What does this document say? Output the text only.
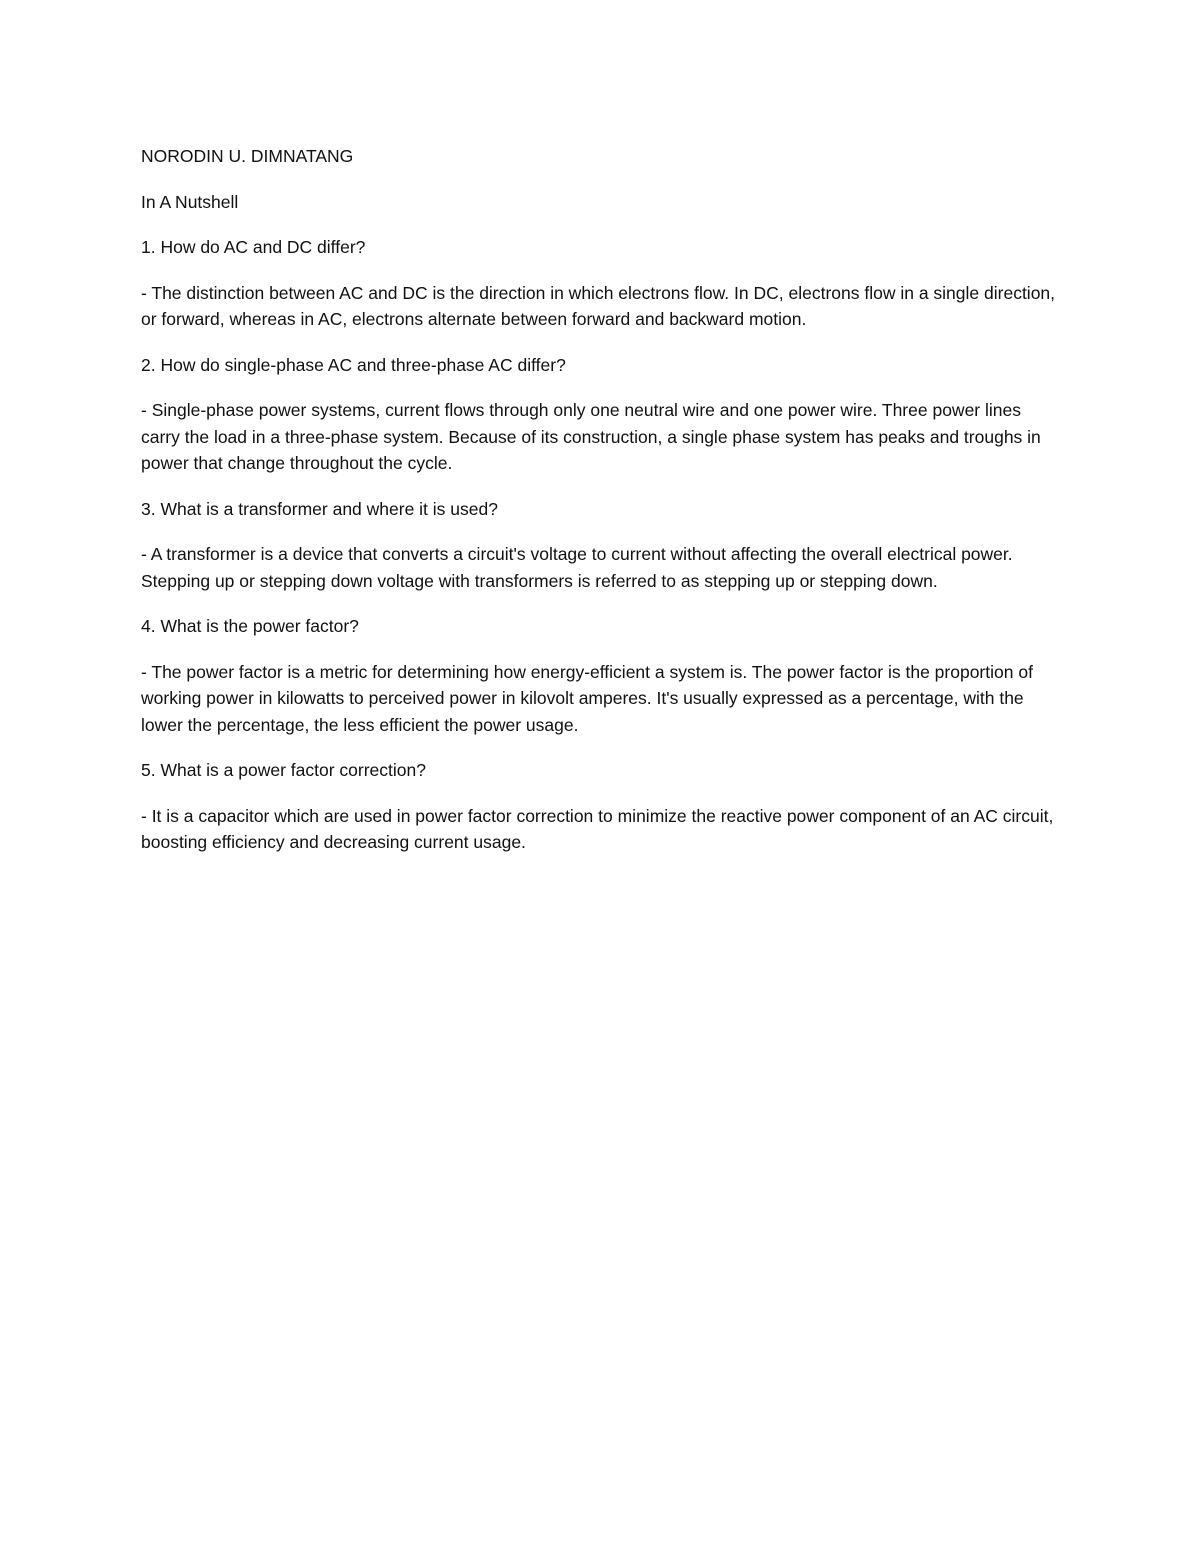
NORODIN U. DIMNATANG

In A Nutshell

1. How do AC and DC differ?

- The distinction between AC and DC is the direction in which electrons flow. In DC, electrons flow in a single direction, or forward, whereas in AC, electrons alternate between forward and backward motion.

2. How do single-phase AC and three-phase AC differ?

- Single-phase power systems, current flows through only one neutral wire and one power wire. Three power lines carry the load in a three-phase system. Because of its construction, a single phase system has peaks and troughs in power that change throughout the cycle.

3. What is a transformer and where it is used?

- A transformer is a device that converts a circuit's voltage to current without affecting the overall electrical power. Stepping up or stepping down voltage with transformers is referred to as stepping up or stepping down.

4. What is the power factor?

- The power factor is a metric for determining how energy-efficient a system is. The power factor is the proportion of working power in kilowatts to perceived power in kilovolt amperes. It's usually expressed as a percentage, with the lower the percentage, the less efficient the power usage.

5. What is a power factor correction?

- It is a capacitor which are used in power factor correction to minimize the reactive power component of an AC circuit, boosting efficiency and decreasing current usage.
